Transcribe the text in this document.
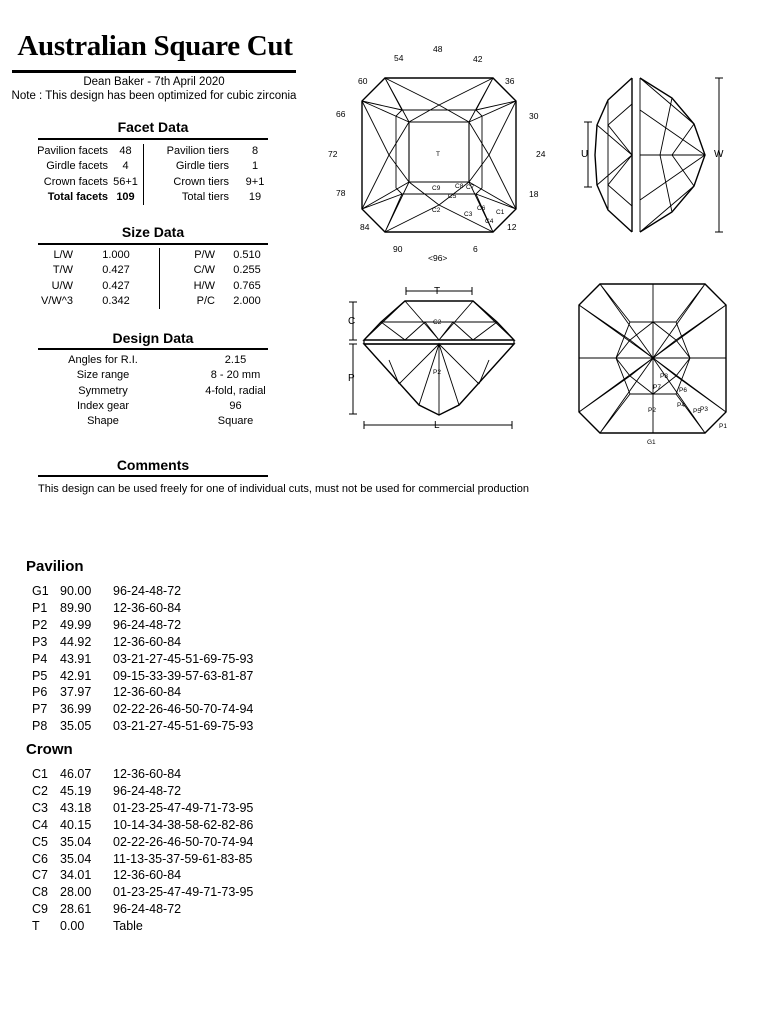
Australian Square Cut
Dean Baker - 7th April 2020
Note : This design has been optimized for cubic zirconia
Facet Data
Pavilion facets	48	Pavilion tiers	8
Girdle facets	4	Girdle tiers	1
Crown facets	56+1	Crown tiers	9+1
Total facets	109	Total tiers	19
Size Data
L/W	1.000	P/W	0.510
T/W	0.427	C/W	0.255
U/W	0.427	H/W	0.765
V/W^3	0.342	P/C	2.000
Design Data
Angles for R.I.	2.15
Size range	8 - 20 mm
Symmetry	4-fold, radial
Index gear	96
Shape	Square
Comments
This design can be used freely for one of individual cuts, must not be used for commercial production
Pavilion
G1	90.00	96-24-48-72
P1	89.90	12-36-60-84
P2	49.99	96-24-48-72
P3	44.92	12-36-60-84
P4	43.91	03-21-27-45-51-69-75-93
P5	42.91	09-15-33-39-57-63-81-87
P6	37.97	12-36-60-84
P7	36.99	02-22-26-46-50-70-74-94
P8	35.05	03-21-27-45-51-69-75-93
Crown
C1	46.07	12-36-60-84
C2	45.19	96-24-48-72
C3	43.18	01-23-25-47-49-71-73-95
C4	40.15	10-14-34-38-58-62-82-86
C5	35.04	02-22-26-46-50-70-74-94
C6	35.04	11-13-35-37-59-61-83-85
C7	34.01	12-36-60-84
C8	28.00	01-23-25-47-49-71-73-95
C9	28.61	96-24-48-72
T	0.00	Table
48
42
36
30
24
18
12
6
90
84
78
72
66
60
54
<96>
T
C9 C8 C7
C5
C2
C3
C6
C4
C1
U	W
T
C
P
L
C2
P2
P8
P7	P6
P5
P4
P3
P2
P1
G1
